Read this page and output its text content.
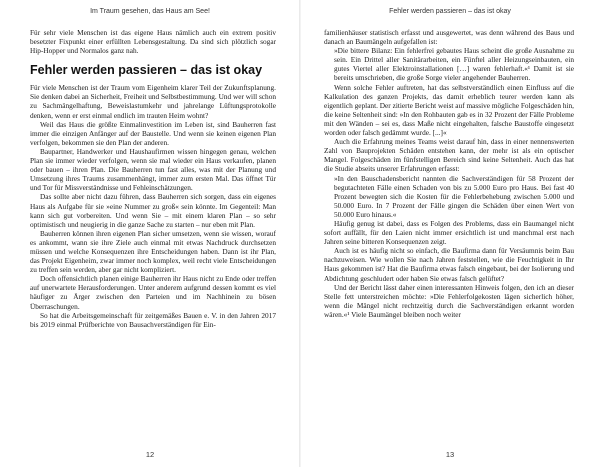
Im Traum gesehen, das Haus am See!

Für sehr viele Menschen ist das eigene Haus nämlich auch ein extrem positiv besetzter Fixpunkt einer erfüllten Lebensgestaltung. Da sind sich plötzlich sogar Hip-Hopper und Normalos ganz nah.

Fehler werden passieren – das ist okay

Für viele Menschen ist der Traum vom Eigenheim klarer Teil der Zukunftsplanung. Sie denken dabei an Sicherheit, Freiheit und Selbstbestimmung. Und wer will schon zu Sachmängelhaftung, Beweislastumkehr und jahrelange Lüftungsprotokolle denken, wenn er erst einmal endlich im trauten Heim wohnt?

Weil das Haus die größte Einmalinvestition im Leben ist, sind Bauherren fast immer die einzigen Anfänger auf der Baustelle. Und wenn sie keinen eigenen Plan verfolgen, bekommen sie den Plan der anderen.

Baupartner, Handwerker und Haushaufirmen wissen hingegen genau, welchen Plan sie immer wieder verfolgen, wenn sie mal wieder ein Haus verkaufen, planen oder bauen – ihren Plan. Die Bauherren tun fast alles, was mit der Planung und Umsetzung ihres Traums zusammenhängt, immer zum ersten Mal. Das öffnet Tür und Tor für Missverständnisse und Fehleinschätzungen.

Das sollte aber nicht dazu führen, dass Bauherren sich sorgen, dass ein eigenes Haus als Aufgabe für sie »eine Nummer zu groß« sein könnte. Im Gegenteil: Man kann sich gut vorbereiten. Und wenn Sie – mit einem klaren Plan – so sehr optimistisch und neugierig in die ganze Sache zu starten – nur eben mit Plan.

Bauherren können ihren eigenen Plan sicher umsetzen, wenn sie wissen, worauf es ankommt, wann sie ihre Ziele auch einmal mit etwas Nachdruck durchsetzen müssen und welche Konsequenzen ihre Entscheidungen haben. Dann ist ihr Plan, das Projekt Eigenheim, zwar immer noch komplex, weil recht viele Entscheidungen zu treffen sein werden, aber gar nicht kompliziert.

Doch offensichtlich planen einige Bauherren ihr Haus nicht zu Ende oder treffen auf unerwartete Herausforderungen. Unter anderem aufgrund dessen kommt es viel häufiger zu Ärger zwischen den Parteien und im Nachhinein zu bösen Überraschungen.

So hat die Arbeitsgemeinschaft für zeitgemäßes Bauen e. V. in den Jahren 2017 bis 2019 einmal Prüfberichte von Bausachverständigen für Ein-

12
Fehler werden passieren – das ist okay

familienhäuser statistisch erfasst und ausgewertet, was denn während des Baus und danach an Baumängeln aufgefallen ist:

»Die bittere Bilanz: Ein fehlerfrei gebautes Haus scheint die große Ausnahme zu sein. Ein Drittel aller Sanitärarbeiten, ein Fünftel aller Heizungseinbauten, ein gutes Viertel aller Elektroinstallationen […] waren fehlerhaft.«¹ Damit ist sie bereits umschrieben, die große Sorge vieler angehender Bauherren.

Wenn solche Fehler auftreten, hat das selbstverständlich einen Einfluss auf die Kalkulation des ganzen Projekts, das damit erheblich teurer werden kann als eigentlich geplant. Der zitierte Bericht weist auf massive mögliche Folgeschäden hin, die keine Seltenheit sind: »In den Rohbauten gab es in 32 Prozent der Fälle Probleme mit den Wänden – sei es, dass Maße nicht eingehalten, falsche Baustoffe eingesetzt worden oder falsch gedämmt wurde. [...]«

Auch die Erfahrung meines Teams weist darauf hin, dass in einer nennenswerten Zahl von Bauprojekten Schäden entstehen kann, der mehr ist als ein optischer Mangel. Folgeschäden im fünfstelligen Bereich sind keine Seltenheit. Auch das hat die Studie abseits unserer Erfahrungen erfasst:

»In den Bauschadensbericht nannten die Sachverständigen für 58 Prozent der begutachteten Fälle einen Schaden von bis zu 5.000 Euro pro Haus. Bei fast 40 Prozent bewegten sich die Kosten für die Fehlerbehebung zwischen 5.000 und 50.000 Euro. In 7 Prozent der Fälle gingen die Schäden über einen Wert von 50.000 Euro hinaus.«

Häufig genug ist dabei, dass es Folgen des Problems, dass ein Baumangel nicht sofort auffällt, für den Laien nicht immer ersichtlich ist und manchmal erst nach Jahren seine bitteren Konsequenzen zeigt.

Auch ist es häufig nicht so einfach, die Baufirma dann für Versäumnis beim Bau nachzuweisen. Wie wollen Sie nach Jahren feststellen, wie die Feuchtigkeit in Ihr Haus gekommen ist? Hat die Baufirma etwas falsch eingebaut, bei der Isolierung und Abdichtung geschludert oder haben Sie etwas falsch gelüftet?

Und der Bericht lässt daher einen interessanten Hinweis folgen, den ich an dieser Stelle fett unterstreichen möchte: »Die Fehlerfolgekosten lägen sicherlich höher, wenn die Mängel nicht rechtzeitig durch die Sachverständigen erkannt worden wären.«¹ Viele Baumängel bleiben noch weiter

13
